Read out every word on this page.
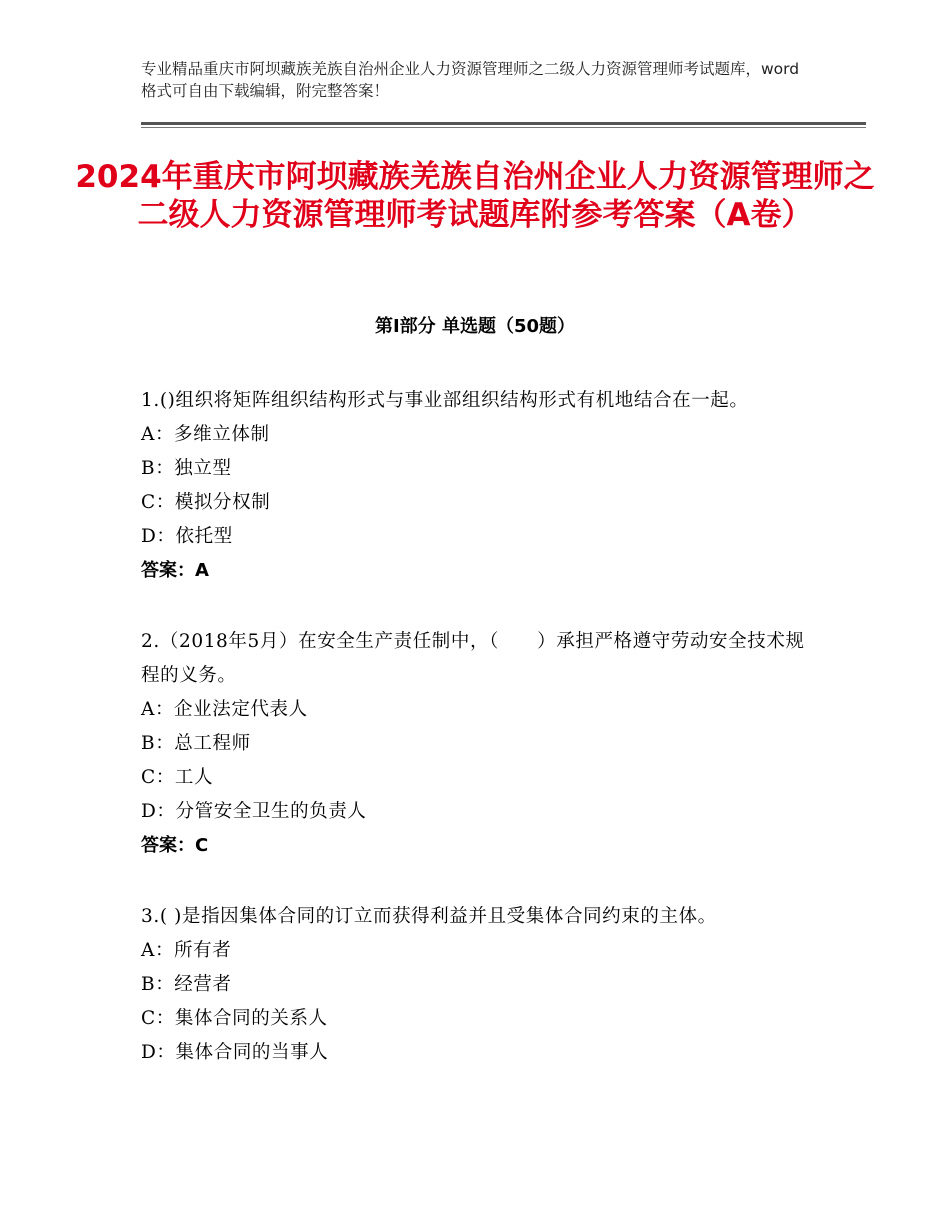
专业精品重庆市阿坝藏族羌族自治州企业人力资源管理师之二级人力资源管理师考试题库，word格式可自由下载编辑，附完整答案！
2024年重庆市阿坝藏族羌族自治州企业人力资源管理师之二级人力资源管理师考试题库附参考答案（A卷）
第Ⅰ部分 单选题（50题）

1.()组织将矩阵组织结构形式与事业部组织结构形式有机地结合在一起。

A：多维立体制

B：独立型

C：模拟分权制

D：依托型

答案：A

2.（2018年5月）在安全生产责任制中，（　　）承担严格遵守劳动安全技术规程的义务。

A：企业法定代表人

B：总工程师

C：工人

D：分管安全卫生的负责人

答案：C

3.( )是指因集体合同的订立而获得利益并且受集体合同约束的主体。

A：所有者

B：经营者

C：集体合同的关系人

D：集体合同的当事人
